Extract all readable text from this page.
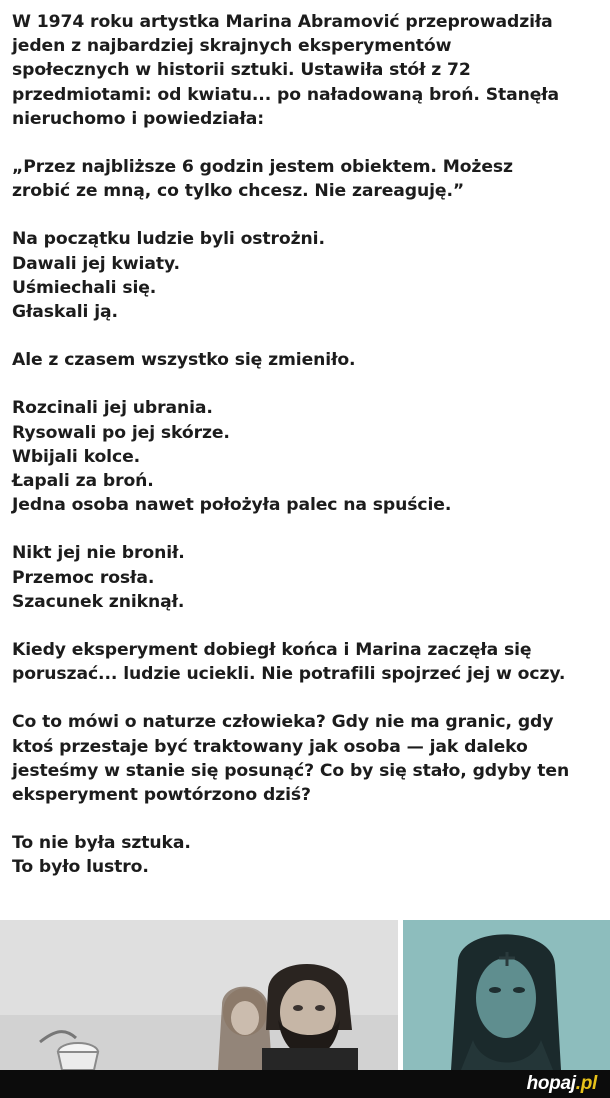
W 1974 roku artystka Marina Abramović przeprowadziła
jeden z najbardziej skrajnych eksperymentów
społecznych w historii sztuki. Ustawiła stół z 72
przedmiotami: od kwiatu... po naładowaną broń. Stanęła
nieruchomo i powiedziała:

„Przez najbliższe 6 godzin jestem obiektem. Możesz
zrobić ze mną, co tylko chcesz. Nie zareaguję.”

Na początku ludzie byli ostrożni.
Dawali jej kwiaty.
Uśmiechali się.
Głaskali ją.

Ale z czasem wszystko się zmieniło.

Rozcinali jej ubrania.
Rysowali po jej skórze.
Wbijali kolce.
Łapali za broń.
Jedna osoba nawet położyła palec na spuście.

Nikt jej nie bronił.
Przemoc rosła.
Szacunek zniknął.

Kiedy eksperyment dobiegł końca i Marina zaczęła się
poruszać... ludzie uciekli. Nie potrafili spojrzeć jej w oczy.

Co to mówi o naturze człowieka? Gdy nie ma granic, gdy
ktoś przestaje być traktowany jak osoba — jak daleko
jesteśmy w stanie się posunąć? Co by się stało, gdyby ten
eksperyment powtórzono dziś?

To nie była sztuka.
To było lustro.

hopaj.pl
